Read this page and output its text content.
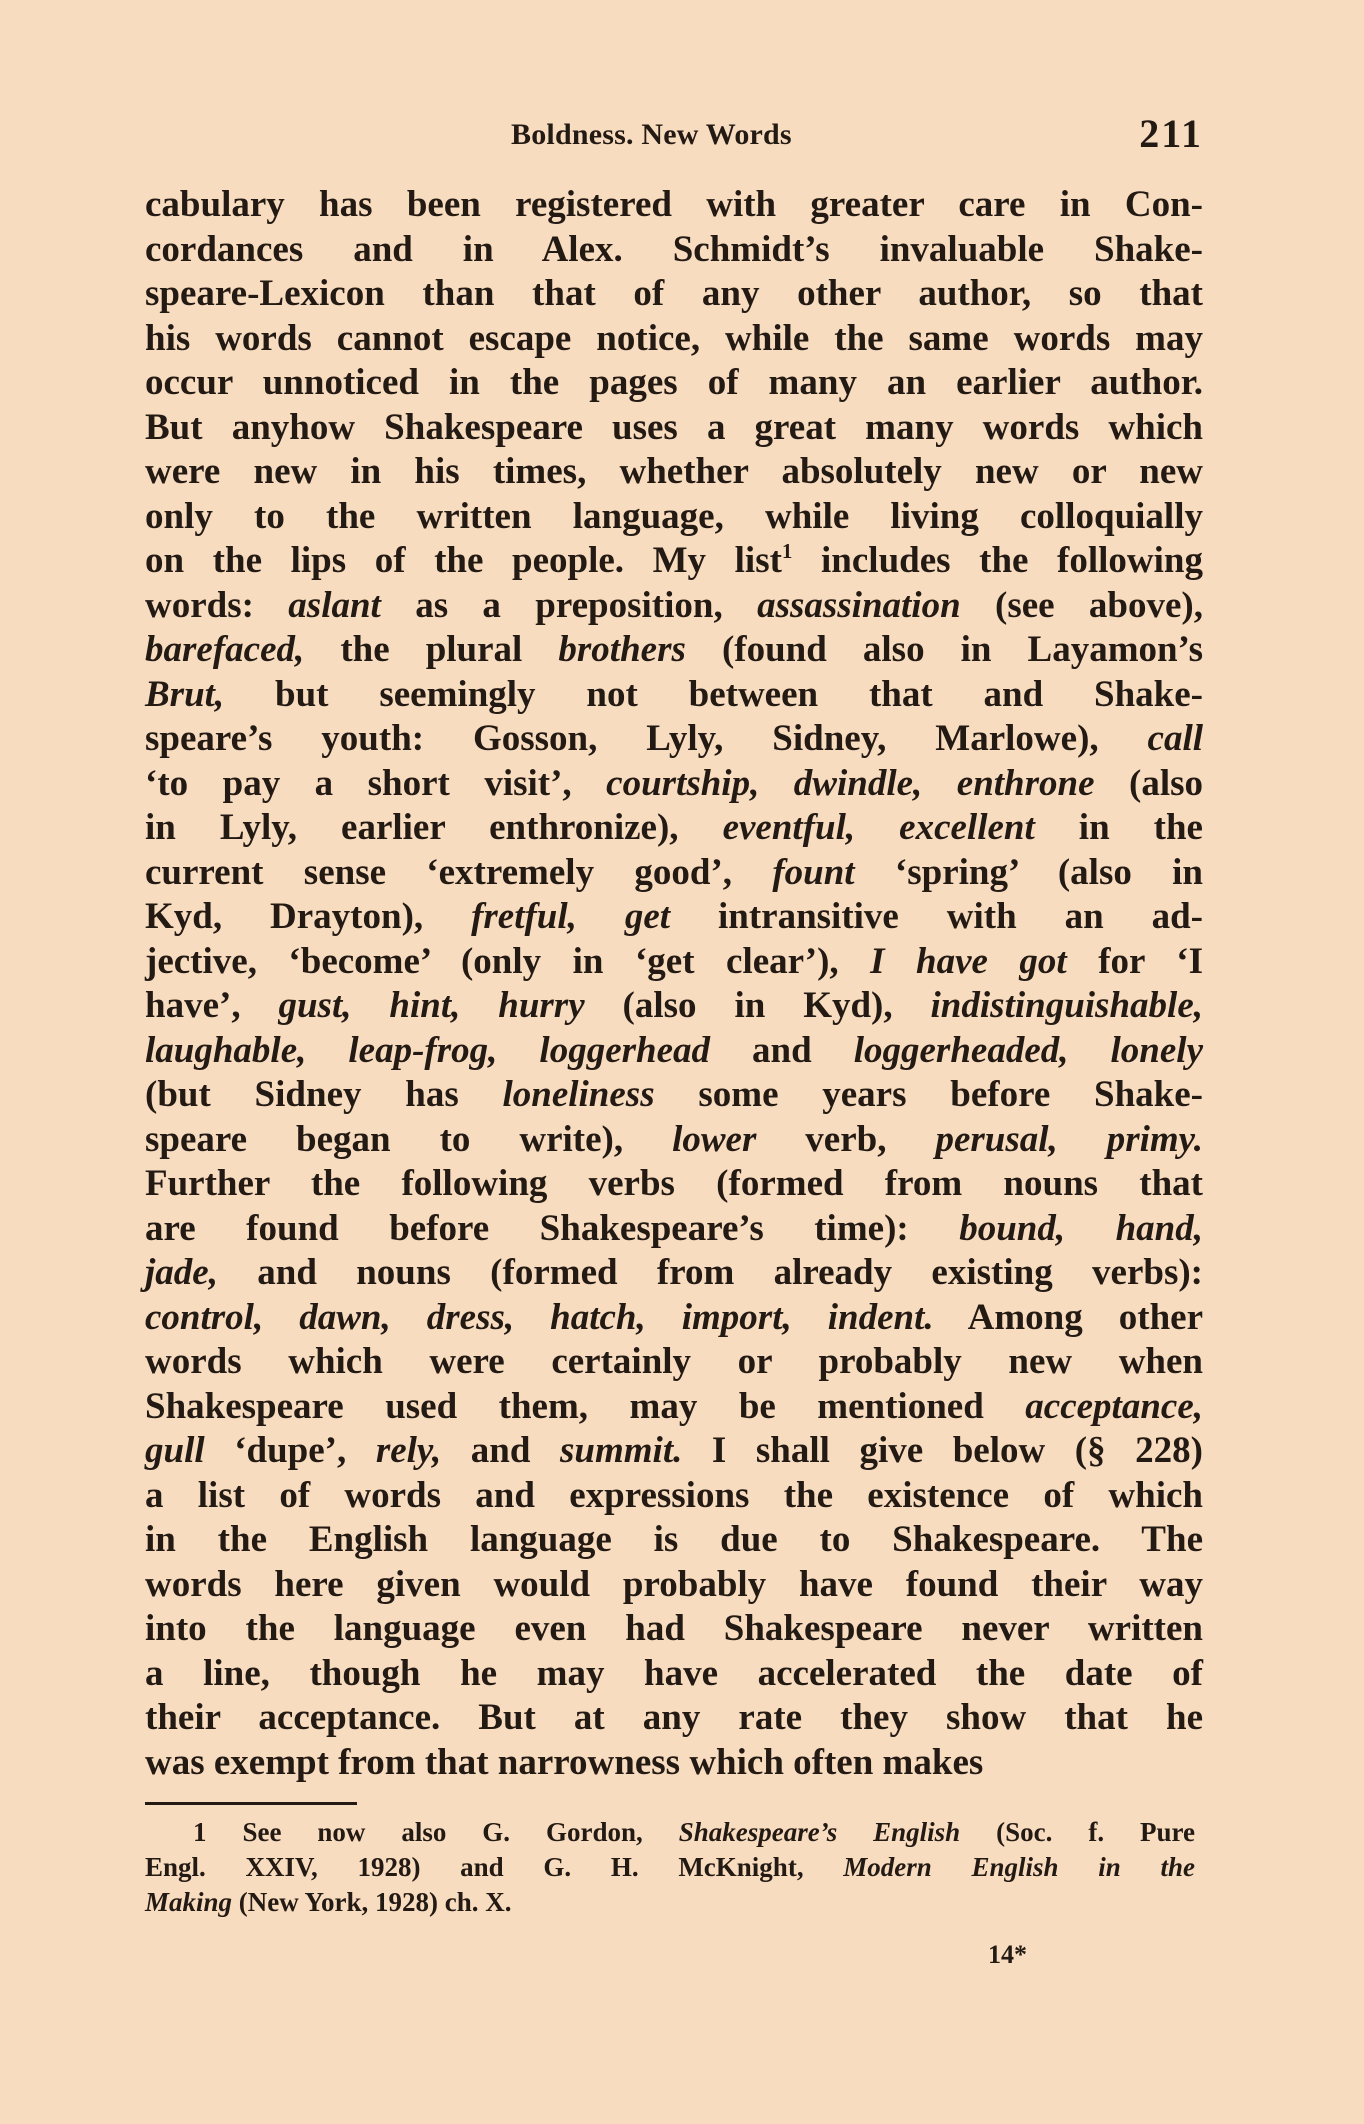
Boldness. New Words	211
cabulary has been registered with greater care in Con-
cordances and in Alex. Schmidt’s invaluable Shake-
speare-Lexicon than that of any other author, so that
his words cannot escape notice, while the same words may
occur unnoticed in the pages of many an earlier author.
But anyhow Shakespeare uses a great many words which
were new in his times, whether absolutely new or new
only to the written language, while living colloquially
on the lips of the people. My list$^1$ includes the following
words: aslant as a preposition, assassination (see above),
barefaced, the plural brothers (found also in Layamon’s
Brut, but seemingly not between that and Shake-
speare’s youth: Gosson, Lyly, Sidney, Marlowe), call
‘to pay a short visit’, courtship, dwindle, enthrone (also
in Lyly, earlier enthronize), eventful, excellent in the
current sense ‘extremely good’, fount ‘spring’ (also in
Kyd, Drayton), fretful, get intransitive with an ad-
jective, ‘become’ (only in ‘get clear’), I have got for ‘I
have’, gust, hint, hurry (also in Kyd), indistinguishable,
laughable, leap-frog, loggerhead and loggerheaded, lonely
(but Sidney has loneliness some years before Shake-
speare began to write), lower verb, perusal, primy.
Further the following verbs (formed from nouns that
are found before Shakespeare’s time): bound, hand,
jade, and nouns (formed from already existing verbs):
control, dawn, dress, hatch, import, indent. Among other
words which were certainly or probably new when
Shakespeare used them, may be mentioned acceptance,
gull ‘dupe’, rely, and summit. I shall give below (§ 228)
a list of words and expressions the existence of which
in the English language is due to Shakespeare. The
words here given would probably have found their way
into the language even had Shakespeare never written
a line, though he may have accelerated the date of
their acceptance. But at any rate they show that he
was exempt from that narrowness which often makes
1 See now also G. Gordon, Shakespeare’s English (Soc. f. Pure
Engl. XXIV, 1928) and G. H. McKnight, Modern English in the
Making (New York, 1928) ch. X.
14*
